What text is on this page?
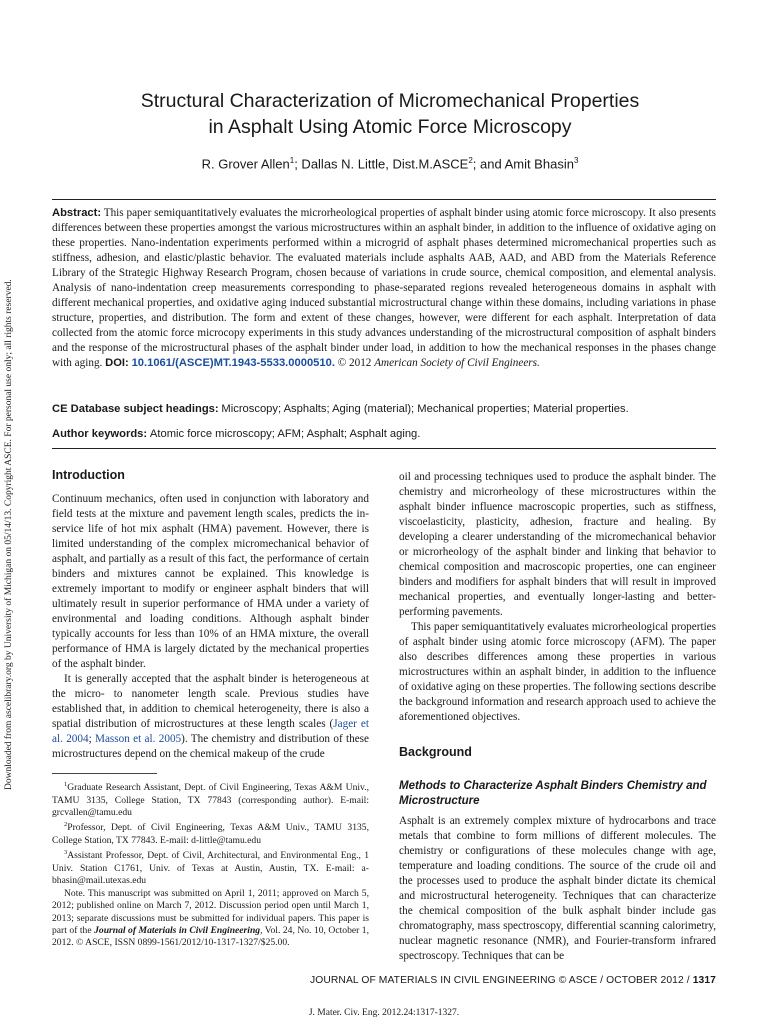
Downloaded from ascelibrary.org by University of Michigan on 05/14/13. Copyright ASCE. For personal use only; all rights reserved.
Structural Characterization of Micromechanical Properties
in Asphalt Using Atomic Force Microscopy
R. Grover Allen$^1$; Dallas N. Little, Dist.M.ASCE$^2$; and Amit Bhasin$^3$
Abstract: This paper semiquantitatively evaluates the microrheological properties of asphalt binder using atomic force microscopy. It also presents differences between these properties amongst the various microstructures within an asphalt binder, in addition to the influence of oxidative aging on these properties. Nano-indentation experiments performed within a microgrid of asphalt phases determined micromechanical properties such as stiffness, adhesion, and elastic/plastic behavior. The evaluated materials include asphalts AAB, AAD, and ABD from the Materials Reference Library of the Strategic Highway Research Program, chosen because of variations in crude source, chemical composition, and elemental analysis. Analysis of nano-indentation creep measurements corresponding to phase-separated regions revealed heterogeneous domains in asphalt with different mechanical properties, and oxidative aging induced substantial microstructural change within these domains, including variations in phase structure, properties, and distribution. The form and extent of these changes, however, were different for each asphalt. Interpretation of data collected from the atomic force microcopy experiments in this study advances understanding of the microstructural composition of asphalt binders and the response of the microstructural phases of the asphalt binder under load, in addition to how the mechanical responses in the phases change with aging. DOI: 10.1061/(ASCE)MT.1943-5533.0000510. © 2012 American Society of Civil Engineers.
CE Database subject headings: Microscopy; Asphalts; Aging (material); Mechanical properties; Material properties.
Author keywords: Atomic force microscopy; AFM; Asphalt; Asphalt aging.
Introduction

Continuum mechanics, often used in conjunction with laboratory and field tests at the mixture and pavement length scales, predicts the in-service life of hot mix asphalt (HMA) pavement. However, there is limited understanding of the complex micromechanical behavior of asphalt, and partially as a result of this fact, the performance of certain binders and mixtures cannot be explained. This knowledge is extremely important to modify or engineer asphalt binders that will ultimately result in superior performance of HMA under a variety of environmental and loading conditions. Although asphalt binder typically accounts for less than 10% of an HMA mixture, the overall performance of HMA is largely dictated by the mechanical properties of the asphalt binder.

It is generally accepted that the asphalt binder is heterogeneous at the micro- to nanometer length scale. Previous studies have established that, in addition to chemical heterogeneity, there is also a spatial distribution of microstructures at these length scales (Jager et al. 2004; Masson et al. 2005). The chemistry and distribution of these microstructures depend on the chemical makeup of the crude

$^1$Graduate Research Assistant, Dept. of Civil Engineering, Texas A&M Univ., TAMU 3135, College Station, TX 77843 (corresponding author). E-mail: grcvallen@tamu.edu

$^2$Professor, Dept. of Civil Engineering, Texas A&M Univ., TAMU 3135, College Station, TX 77843. E-mail: d-little@tamu.edu

$^3$Assistant Professor, Dept. of Civil, Architectural, and Environmental Eng., 1 Univ. Station C1761, Univ. of Texas at Austin, Austin, TX. E-mail: a-bhasin@mail.utexas.edu

Note. This manuscript was submitted on April 1, 2011; approved on March 5, 2012; published online on March 7, 2012. Discussion period open until March 1, 2013; separate discussions must be submitted for individual papers. This paper is part of the Journal of Materials in Civil Engineering, Vol. 24, No. 10, October 1, 2012. © ASCE, ISSN 0899-1561/2012/10-1317-1327/$25.00.

oil and processing techniques used to produce the asphalt binder. The chemistry and microrheology of these microstructures within the asphalt binder influence macroscopic properties, such as stiffness, viscoelasticity, plasticity, adhesion, fracture and healing. By developing a clearer understanding of the micromechanical behavior or microrheology of the asphalt binder and linking that behavior to chemical composition and macroscopic properties, one can engineer binders and modifiers for asphalt binders that will result in improved mechanical properties, and eventually longer-lasting and better-performing pavements.

This paper semiquantitatively evaluates microrheological properties of asphalt binder using atomic force microscopy (AFM). The paper also describes differences among these properties in various microstructures within an asphalt binder, in addition to the influence of oxidative aging on these properties. The following sections describe the background information and research approach used to achieve the aforementioned objectives.

Background
Methods to Characterize Asphalt Binders Chemistry and Microstructure

Asphalt is an extremely complex mixture of hydrocarbons and trace metals that combine to form millions of different molecules. The chemistry or configurations of these molecules change with age, temperature and loading conditions. The source of the crude oil and the processes used to produce the asphalt binder dictate its chemical and microstructural heterogeneity. Techniques that can characterize the chemical composition of the bulk asphalt binder include gas chromatography, mass spectroscopy, differential scanning calorimetry, nuclear magnetic resonance (NMR), and Fourier-transform infrared spectroscopy. Techniques that can be

JOURNAL OF MATERIALS IN CIVIL ENGINEERING © ASCE / OCTOBER 2012 / 1317
J. Mater. Civ. Eng. 2012.24:1317-1327.
